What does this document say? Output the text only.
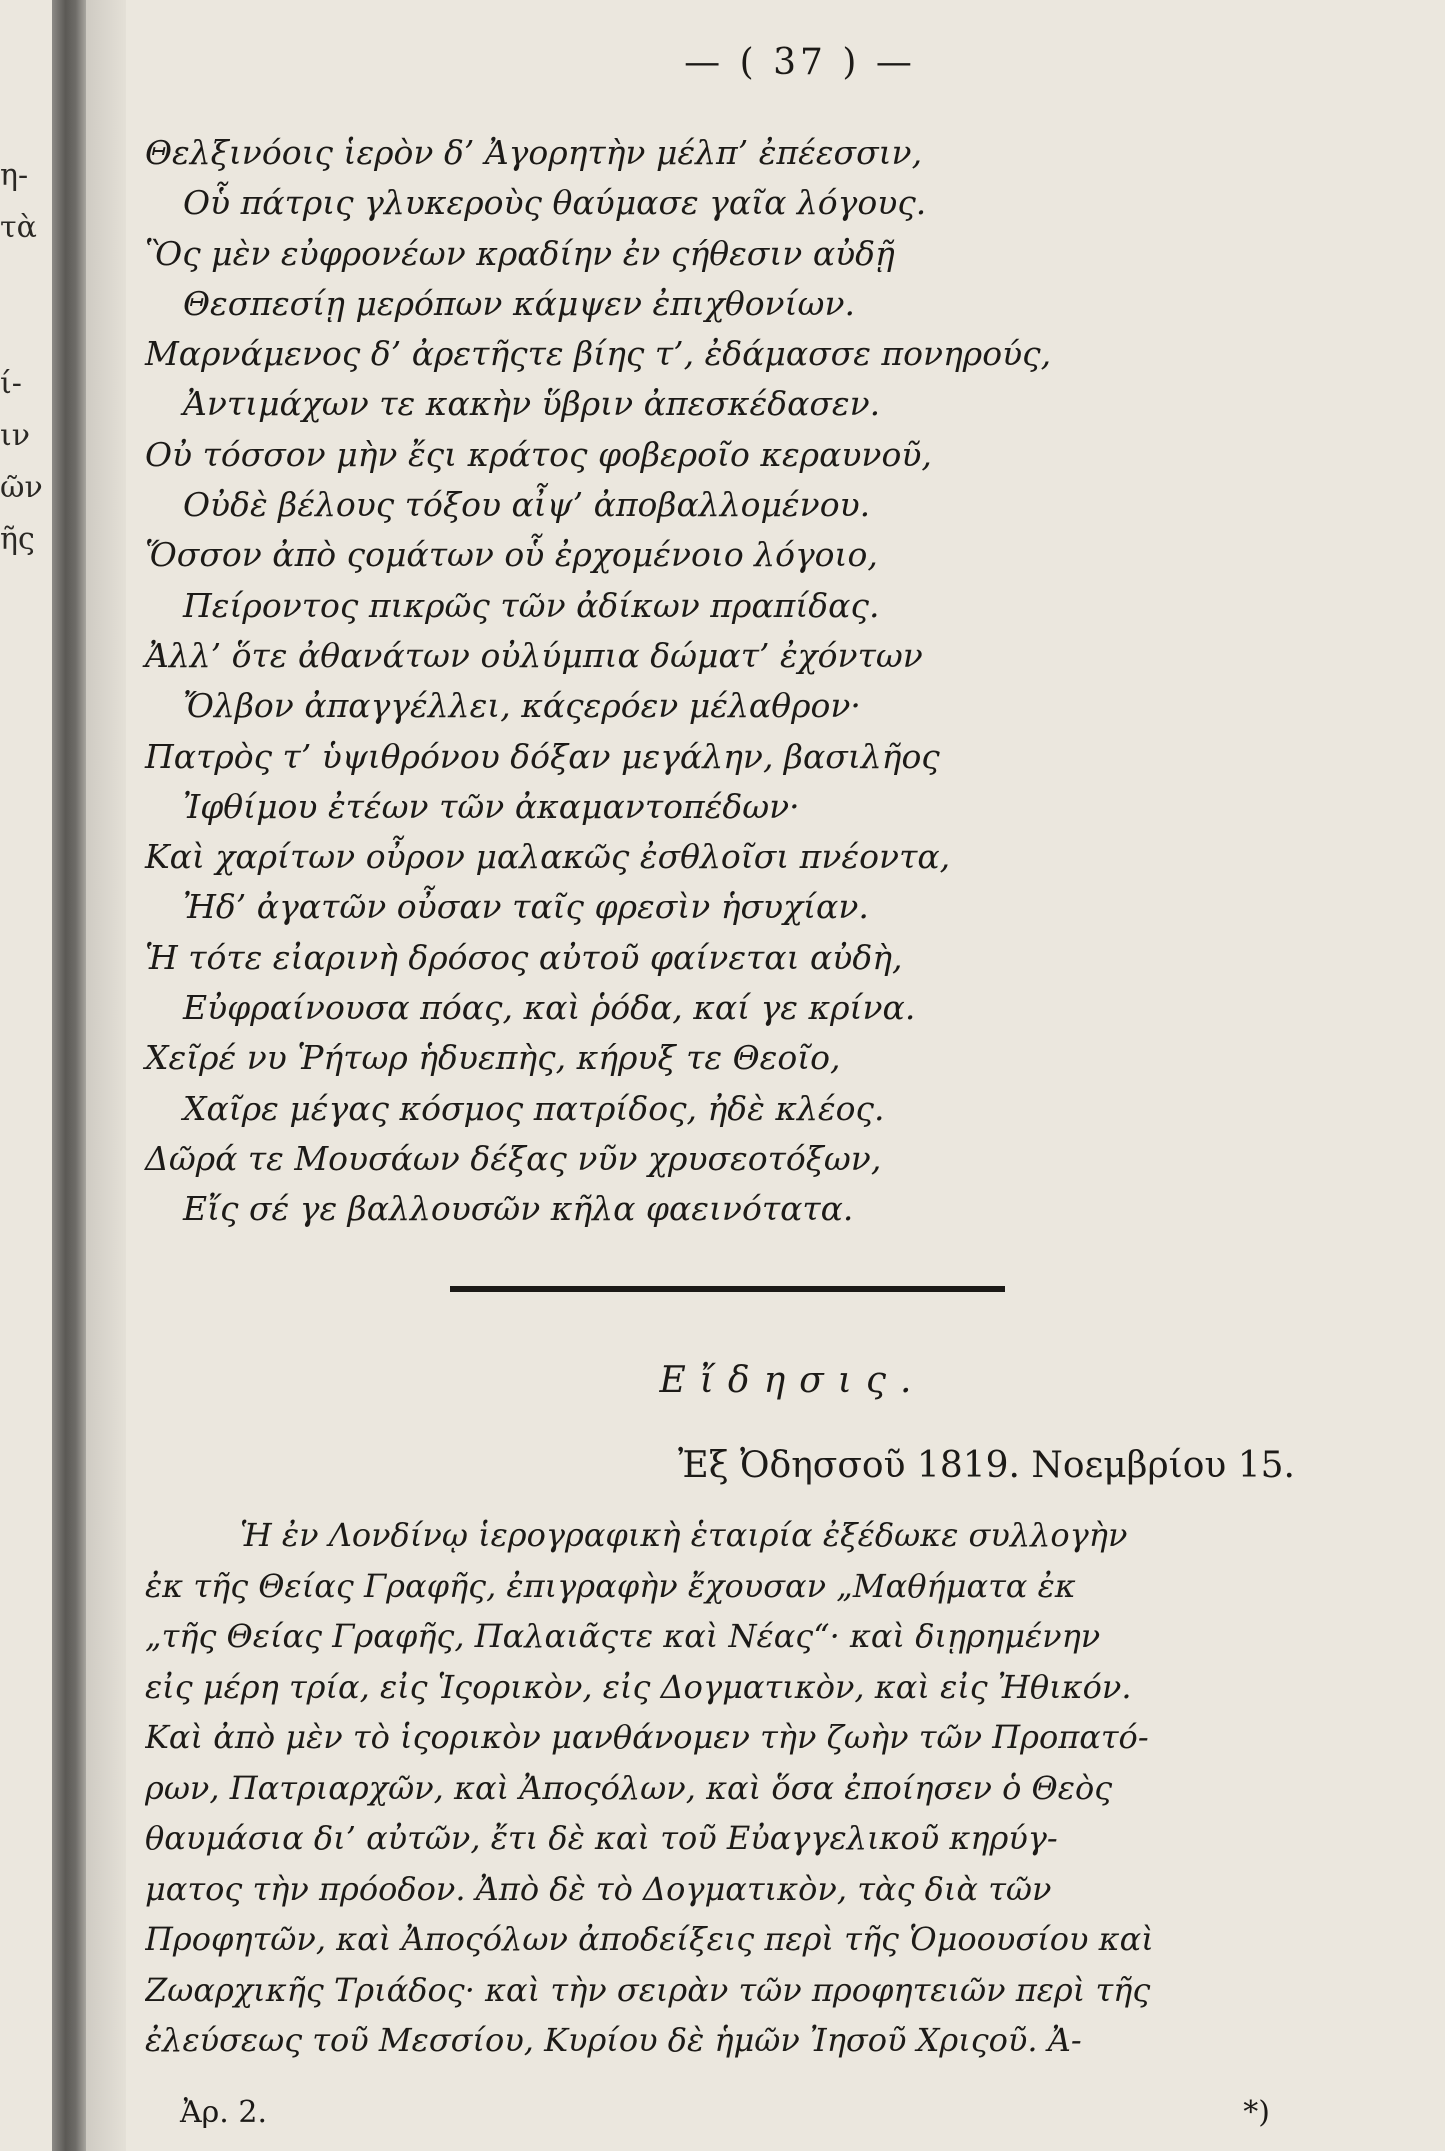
η-
τὰ
ί-
ιν
ῶν
ῆς
— ( 37 ) —
Θελξινόοις ἱερὸν δ’ Ἀγορητὴν μέλπ’ ἐπέεσσιν,
Οὗ πάτρις γλυκεροὺς θαύμασε γαῖα λόγους.
Ὃς μὲν εὐφρονέων κραδίην ἐν ςήθεσιν αὐδῇ
Θεσπεσίῃ μερόπων κάμψεν ἐπιχθονίων.
Μαρνάμενος δ’ ἀρετῆςτε βίης τ’, ἐδάμασσε πονηρούς,
Ἀντιμάχων τε κακὴν ὕβριν ἀπεσκέδασεν.
Οὐ τόσσον μὴν ἔςι κράτος φοβεροῖο κεραυνοῦ,
Οὐδὲ βέλους τόξου αἶψ’ ἀποβαλλομένου.
Ὅσσον ἀπὸ ςομάτων οὗ ἐρχομένοιο λόγοιο,
Πείροντος πικρῶς τῶν ἀδίκων πραπίδας.
Ἀλλ’ ὅτε ἀθανάτων οὐλύμπια δώματ’ ἐχόντων
Ὄλβον ἀπαγγέλλει, κάςερόεν μέλαθρον·
Πατρὸς τ’ ὑψιθρόνου δόξαν μεγάλην, βασιλῆος
Ἰφθίμου ἐτέων τῶν ἀκαμαντοπέδων·
Καὶ χαρίτων οὖρον μαλακῶς ἐσθλοῖσι πνέοντα,
Ἠδ’ ἀγατῶν οὖσαν ταῖς φρεσὶν ἡσυχίαν.
Ἡ τότε εἰαρινὴ δρόσος αὐτοῦ φαίνεται αὐδὴ,
Εὐφραίνουσα πόας, καὶ ῥόδα, καί γε κρίνα.
Χεῖρέ νυ Ῥήτωρ ἡδυεπὴς, κήρυξ τε Θεοῖο,
Χαῖρε μέγας κόσμος πατρίδος, ἠδὲ κλέος.
Δῶρά τε Μουσάων δέξας νῦν χρυσεοτόξων,
Εἴς σέ γε βαλλουσῶν κῆλα φαεινότατα.
Εἴδησις.
Ἐξ Ὀδησσοῦ 1819. Νοεμβρίου 15.
Ἡ ἐν Λονδίνῳ ἱερογραφικὴ ἑταιρία ἐξέδωκε συλλογὴν
ἐκ τῆς Θείας Γραφῆς, ἐπιγραφὴν ἔχουσαν „Μαθήματα ἐκ
„τῆς Θείας Γραφῆς, Παλαιᾶςτε καὶ Νέας“· καὶ διῃρημένην
εἰς μέρη τρία, εἰς Ἱςορικὸν, εἰς Δογματικὸν, καὶ εἰς Ἠθικόν.
Καὶ ἀπὸ μὲν τὸ ἱςορικὸν μανθάνομεν τὴν ζωὴν τῶν Προπατό-
ρων, Πατριαρχῶν, καὶ Ἀποςόλων, καὶ ὅσα ἐποίησεν ὁ Θεὸς
θαυμάσια δι’ αὐτῶν, ἔτι δὲ καὶ τοῦ Εὐαγγελικοῦ κηρύγ-
ματος τὴν πρόοδον. Ἀπὸ δὲ τὸ Δογματικὸν, τὰς διὰ τῶν
Προφητῶν, καὶ Ἀποςόλων ἀποδείξεις περὶ τῆς Ὁμοουσίου καὶ
Ζωαρχικῆς Τριάδος· καὶ τὴν σειρὰν τῶν προφητειῶν περὶ τῆς
ἐλεύσεως τοῦ Μεσσίου, Κυρίου δὲ ἡμῶν Ἰησοῦ Χριςοῦ. Ἀ-
Ἀρ. 2.	*)
